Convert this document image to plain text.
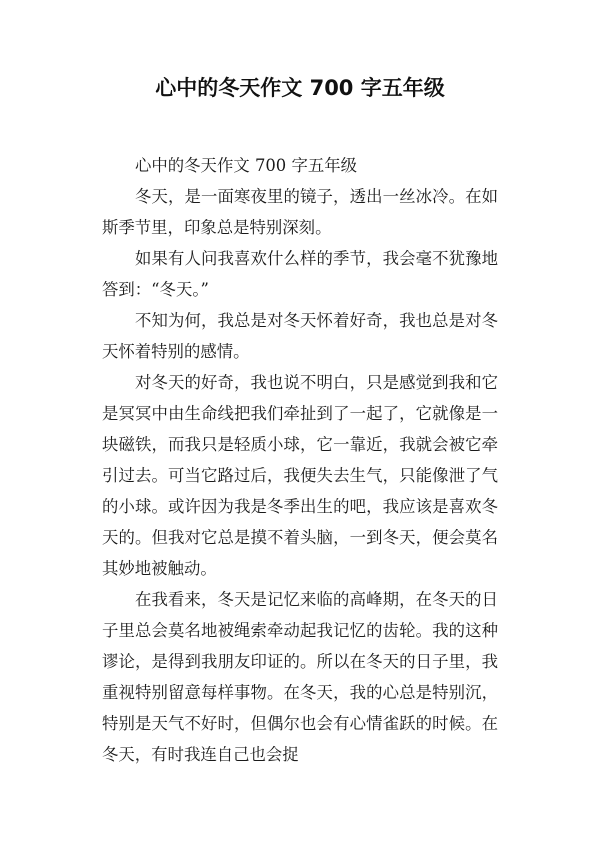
心中的冬天作文 700 字五年级

心中的冬天作文 700 字五年级

冬天，是一面寒夜里的镜子，透出一丝冰冷。在如斯季节里，印象总是特别深刻。

如果有人问我喜欢什么样的季节，我会毫不犹豫地答到：“冬天。”

不知为何，我总是对冬天怀着好奇，我也总是对冬天怀着特别的感情。

对冬天的好奇，我也说不明白，只是感觉到我和它是冥冥中由生命线把我们牵扯到了一起了，它就像是一块磁铁，而我只是轻质小球，它一靠近，我就会被它牵引过去。可当它路过后，我便失去生气，只能像泄了气的小球。或许因为我是冬季出生的吧，我应该是喜欢冬天的。但我对它总是摸不着头脑，一到冬天，便会莫名其妙地被触动。

在我看来，冬天是记忆来临的高峰期，在冬天的日子里总会莫名地被绳索牵动起我记忆的齿轮。我的这种谬论，是得到我朋友印证的。所以在冬天的日子里，我重视特别留意每样事物。在冬天，我的心总是特别沉，特别是天气不好时，但偶尔也会有心情雀跃的时候。在冬天，有时我连自己也会捉
